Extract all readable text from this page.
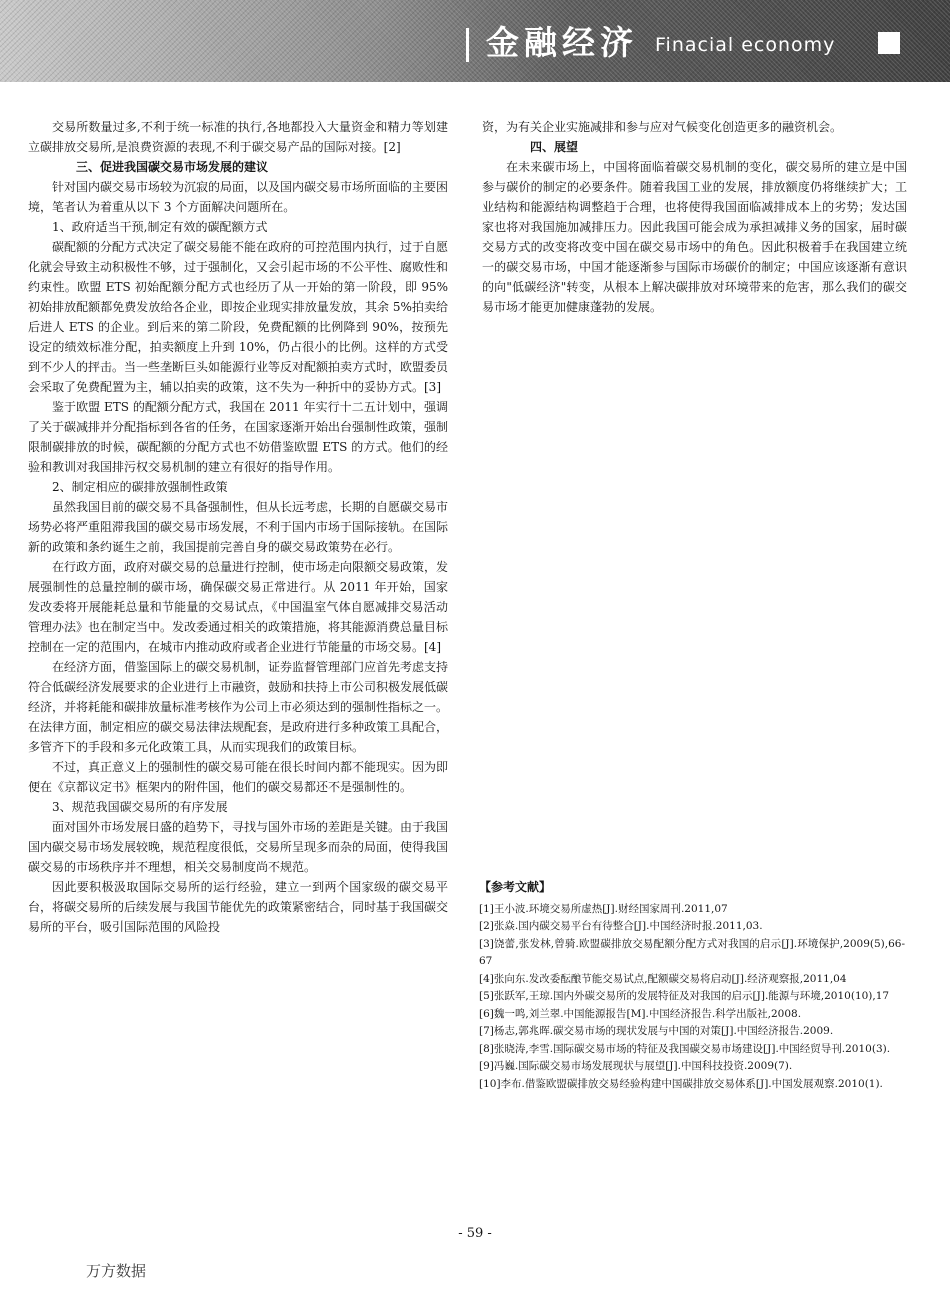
金融经济 Finacial economy

交易所数量过多,不利于统一标准的执行,各地都投入大量资金和精力等划建立碳排放交易所,是浪费资源的表现,不利于碳交易产品的国际对接。[2]

三、促进我国碳交易市场发展的建议

针对国内碳交易市场较为沉寂的局面，以及国内碳交易市场所面临的主要困境，笔者认为着重从以下 3 个方面解决问题所在。

1、政府适当干预,制定有效的碳配额方式

碳配额的分配方式决定了碳交易能不能在政府的可控范围内执行，过于自愿化就会导致主动积极性不够，过于强制化，又会引起市场的不公平性、腐败性和约束性。欧盟 ETS 初始配额分配方式也经历了从一开始的第一阶段，即 95%初始排放配额都免费发放给各企业，即按企业现实排放量发放，其余 5%拍卖给后进人 ETS 的企业。到后来的第二阶段，免费配额的比例降到 90%，按预先设定的绩效标准分配，拍卖额度上升到 10%，仍占很小的比例。这样的方式受到不少人的抨击。当一些垄断巨头如能源行业等反对配额拍卖方式时，欧盟委员会采取了免费配置为主，辅以拍卖的政策，这不失为一种折中的妥协方式。[3]

鉴于欧盟 ETS 的配额分配方式，我国在 2011 年实行十二五计划中，强调了关于碳减排并分配指标到各省的任务，在国家逐渐开始出台强制性政策，强制限制碳排放的时候，碳配额的分配方式也不妨借鉴欧盟 ETS 的方式。他们的经验和教训对我国排污权交易机制的建立有很好的指导作用。

2、制定相应的碳排放强制性政策

虽然我国目前的碳交易不具备强制性，但从长远考虑，长期的自愿碳交易市场势必将严重阻滞我国的碳交易市场发展，不利于国内市场于国际接轨。在国际新的政策和条约诞生之前，我国提前完善自身的碳交易政策势在必行。

在行政方面，政府对碳交易的总量进行控制，使市场走向限额交易政策，发展强制性的总量控制的碳市场，确保碳交易正常进行。从 2011 年开始，国家发改委将开展能耗总量和节能量的交易试点，《中国温室气体自愿减排交易活动管理办法》也在制定当中。发改委通过相关的政策措施，将其能源消费总量目标控制在一定的范围内，在城市内推动政府或者企业进行节能量的市场交易。[4]

在经济方面，借鉴国际上的碳交易机制，证券监督管理部门应首先考虑支持符合低碳经济发展要求的企业进行上市融资，鼓励和扶持上市公司积极发展低碳经济，并将耗能和碳排放量标准考核作为公司上市必须达到的强制性指标之一。

在法律方面，制定相应的碳交易法律法规配套，是政府进行多种政策工具配合，多管齐下的手段和多元化政策工具，从而实现我们的政策目标。

不过，真正意义上的强制性的碳交易可能在很长时间内都不能现实。因为即便在《京都议定书》框架内的附件国，他们的碳交易都还不是强制性的。

3、规范我国碳交易所的有序发展

面对国外市场发展日盛的趋势下，寻找与国外市场的差距是关键。由于我国国内碳交易市场发展较晚，规范程度很低，交易所呈现多而杂的局面，使得我国碳交易的市场秩序并不理想，相关交易制度尚不规范。

因此要积极汲取国际交易所的运行经验，建立一到两个国家级的碳交易平台，将碳交易所的后续发展与我国节能优先的政策紧密结合，同时基于我国碳交易所的平台，吸引国际范围的风险投

资，为有关企业实施减排和参与应对气候变化创造更多的融资机会。

四、展望

在未来碳市场上，中国将面临着碳交易机制的变化，碳交易所的建立是中国参与碳价的制定的必要条件。随着我国工业的发展，排放额度仍将继续扩大；工业结构和能源结构调整趋于合理，也将使得我国面临减排成本上的劣势；发达国家也将对我国施加减排压力。因此我国可能会成为承担减排义务的国家，届时碳交易方式的改变将改变中国在碳交易市场中的角色。因此积极着手在我国建立统一的碳交易市场，中国才能逐渐参与国际市场碳价的制定；中国应该逐渐有意识的向"低碳经济"转变，从根本上解决碳排放对环境带来的危害，那么我们的碳交易市场才能更加健康蓬勃的发展。

【参考文献】

[1]王小波.环境交易所虚热[J].财经国家周刊.2011,07

[2]张焱.国内碳交易平台有待整合[J].中国经济时报.2011,03.

[3]饶蕾,张发林,曾骑.欧盟碳排放交易配额分配方式对我国的启示[J].环境保护,2009(5),66-67

[4]张向东.发改委酝酿节能交易试点,配额碳交易将启动[J].经济观察报,2011,04

[5]张跃军,王琼.国内外碳交易所的发展特征及对我国的启示[J].能源与环境,2010(10),17

[6]魏一鸣,刘兰翠.中国能源报告[M].中国经济报告.科学出版社,2008.

[7]杨志,郭兆晖.碳交易市场的现状发展与中国的对策[J].中国经济报告.2009.

[8]张晓涛,李雪.国际碳交易市场的特征及我国碳交易市场建设[J].中国经贸导刊.2010(3).

[9]冯巍.国际碳交易市场发展现状与展望[J].中国科技投资.2009(7).

[10]李布.借鉴欧盟碳排放交易经验构建中国碳排放交易体系[J].中国发展观察.2010(1).

- 59 -
万方数据
